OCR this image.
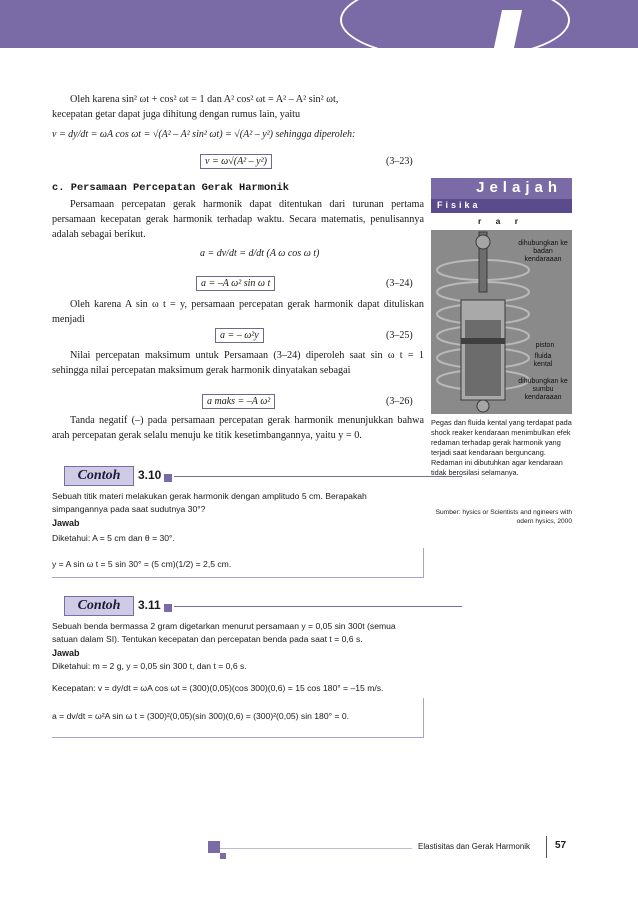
Oleh karena sin² ωt + cos² ωt = 1 dan A² cos² ωt = A² – A² sin² ωt,
kecepatan getar dapat juga dihitung dengan rumus lain, yaitu
v = dy/dt = ωA cos ωt = √(A² – A² sin² ωt) = √(A² – y²) sehingga diperoleh:
v = ω√(A² – y²)	(3–23)
c. Persamaan Percepatan Gerak Harmonik
Persamaan percepatan gerak harmonik dapat ditentukan dari turunan pertama persamaan kecepatan gerak harmonik terhadap waktu. Secara matematis, penulisannya adalah sebagai berikut.
a = dv/dt = d/dt (A ω cos ω t)
a = –A ω² sin ω t	(3–24)
Oleh karena A sin ω t = y, persamaan percepatan gerak harmonik dapat dituliskan menjadi
a = – ω²y	(3–25)
Nilai percepatan maksimum untuk Persamaan (3–24) diperoleh saat sin ω t = 1 sehingga nilai percepatan maksimum gerak harmonik dinyatakan sebagai
a maks = –A ω²	(3–26)
Tanda negatif (–) pada persamaan percepatan gerak harmonik menunjukkan bahwa arah percepatan gerak selalu menuju ke titik kesetimbangannya, yaitu y = 0.
Contoh	3.10
Sebuah titik materi melakukan gerak harmonik dengan amplitudo 5 cm. Berapakah simpangannya pada saat sudutnya 30°?
Jawab
Diketahui: A = 5 cm dan θ = 30°.
y = A sin ω t = 5 sin 30° = (5 cm)(1/2) = 2,5 cm.
Contoh	3.11
Sebuah benda bermassa 2 gram digetarkan menurut persamaan y = 0,05 sin 300t (semua satuan dalam SI). Tentukan kecepatan dan percepatan benda pada saat t = 0,6 s.
Jawab
Diketahui: m = 2 g, y = 0,05 sin 300 t, dan t = 0,6 s.
Kecepatan: v = dy/dt = ωA cos ωt = (300)(0,05)(cos 300)(0,6) = 15 cos 180° = –15 m/s.
a = dv/dt = ω²A sin ω t = (300)²(0,05)(sin 300)(0,6) = (300)²(0,05) sin 180° = 0.
Jelajah
Fisika
r a r
dihubungkan ke badan kendaraaan
piston
fluida kental
dihubungkan ke sumbu kendaraaan
Pegas dan fluida kental yang terdapat pada shock reaker kendaraan menimbulkan efek redaman terhadap gerak harmonik yang terjadi saat kendaraan berguncang. Redaman ini dibutuhkan agar kendaraan tidak berosilasi selamanya.
Sumber: hysics or Scientists and ngineers with odern hysics, 2000
Elastisitas dan Gerak Harmonik 57
